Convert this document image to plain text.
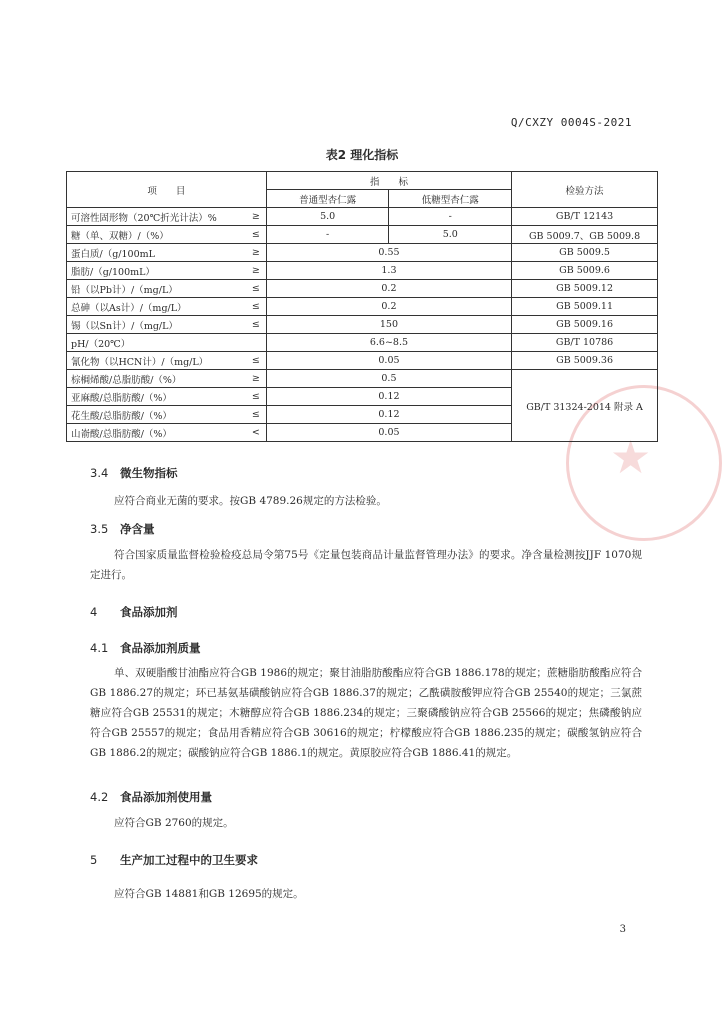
★
Q/CXZY 0004S-2021
表2 理化指标
项　　目		指　　标		检验方法
		普通型杏仁露	低糖型杏仁露	
可溶性固形物（20℃折光计法）%	≥	5.0	-	GB/T 12143
糖（单、双糖）/（%）	≤	-	5.0	GB 5009.7、GB 5009.8
蛋白质/（g/100mL	≥	0.55		GB 5009.5
脂肪/（g/100mL）	≥	1.3		GB 5009.6
铅（以Pb计）/（mg/L）	≤	0.2		GB 5009.12
总砷（以As计）/（mg/L）	≤	0.2		GB 5009.11
锡（以Sn计）/（mg/L）	≤	150		GB 5009.16
pH/（20℃）		6.6~8.5		GB/T 10786
氰化物（以HCN计）/（mg/L）	≤	0.05		GB 5009.36
棕榈烯酸/总脂肪酸/（%）	≥	0.5		GB/T 31324-2014 附录 A
亚麻酸/总脂肪酸/（%）	≤	0.12		
花生酸/总脂肪酸/（%）	≤	0.12		
山嵛酸/总脂肪酸/（%）	<	0.05		
3.4 微生物指标
应符合商业无菌的要求。按GB 4789.26规定的方法检验。
3.5 净含量
符合国家质量监督检验检疫总局令第75号《定量包装商品计量监督管理办法》的要求。净含量检测按JJF 1070规定进行。
4 食品添加剂
4.1 食品添加剂质量
单、双硬脂酸甘油酯应符合GB 1986的规定；聚甘油脂肪酸酯应符合GB 1886.178的规定；蔗糖脂肪酸酯应符合GB 1886.27的规定；环已基氨基磺酸钠应符合GB 1886.37的规定；乙酰磺胺酸钾应符合GB 25540的规定；三氯蔗糖应符合GB 25531的规定；木糖醇应符合GB 1886.234的规定；三聚磷酸钠应符合GB 25566的规定；焦磷酸钠应符合GB 25557的规定；食品用香精应符合GB 30616的规定；柠檬酸应符合GB 1886.235的规定；碳酸氢钠应符合GB 1886.2的规定；碳酸钠应符合GB 1886.1的规定。黄原胶应符合GB 1886.41的规定。
4.2 食品添加剂使用量
应符合GB 2760的规定。
5 生产加工过程中的卫生要求
应符合GB 14881和GB 12695的规定。
3
